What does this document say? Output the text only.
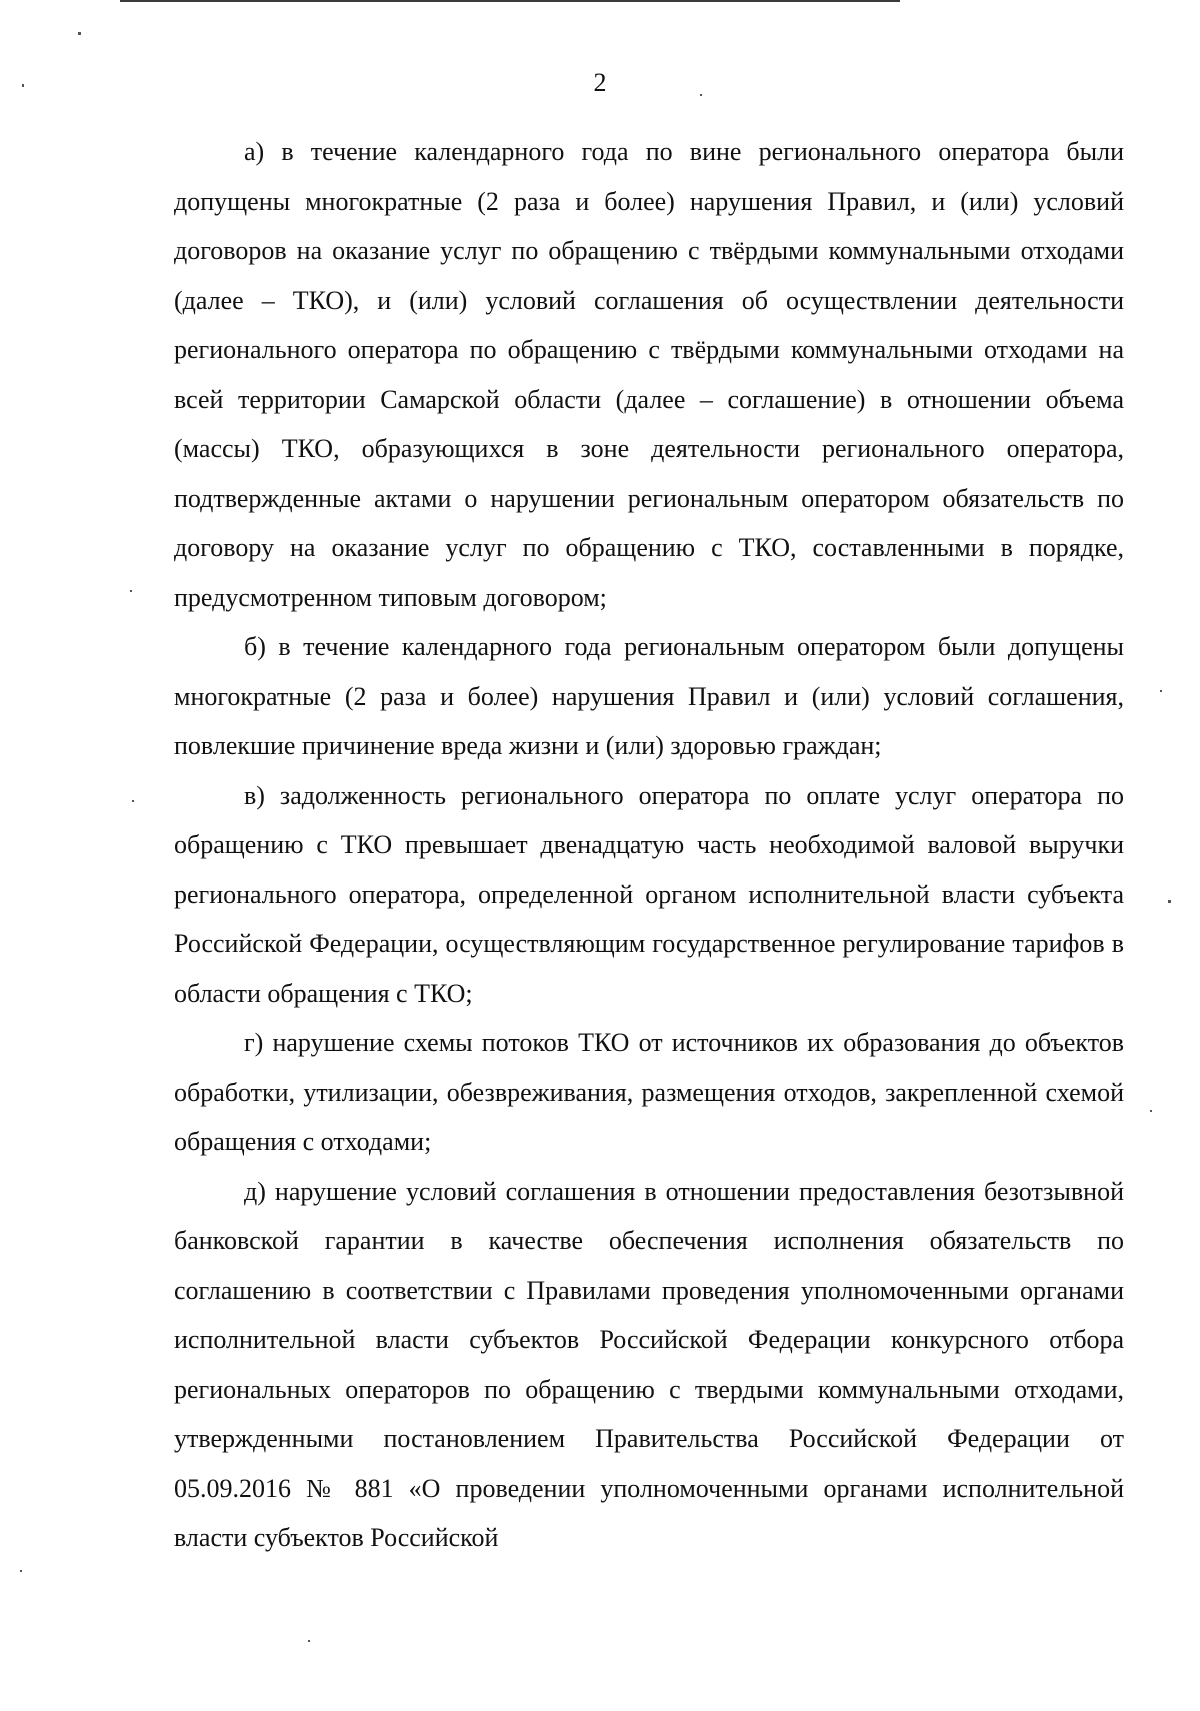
2

а) в течение календарного года по вине регионального оператора были допущены многократные (2 раза и более) нарушения Правил, и (или) условий договоров на оказание услуг по обращению с твёрдыми коммунальными отходами (далее – ТКО), и (или) условий соглашения об осуществлении деятельности регионального оператора по обращению с твёрдыми коммунальными отходами на всей территории Самарской области (далее – соглашение) в отношении объема (массы) ТКО, образующихся в зоне деятельности регионального оператора, подтвержденные актами о нарушении региональным оператором обязательств по договору на оказание услуг по обращению с ТКО, составленными в порядке, предусмотренном типовым договором;

б) в течение календарного года региональным оператором были допущены многократные (2 раза и более) нарушения Правил и (или) условий соглашения, повлекшие причинение вреда жизни и (или) здоровью граждан;

в) задолженность регионального оператора по оплате услуг оператора по обращению с ТКО превышает двенадцатую часть необходимой валовой выручки регионального оператора, определенной органом исполнительной власти субъекта Российской Федерации, осуществляющим государственное регулирование тарифов в области обращения с ТКО;

г) нарушение схемы потоков ТКО от источников их образования до объектов обработки, утилизации, обезвреживания, размещения отходов, закрепленной схемой обращения с отходами;

д) нарушение условий соглашения в отношении предоставления безотзывной банковской гарантии в качестве обеспечения исполнения обязательств по соглашению в соответствии с Правилами проведения уполномоченными органами исполнительной власти субъектов Российской Федерации конкурсного отбора региональных операторов по обращению с твердыми коммунальными отходами, утвержденными постановлением Правительства Российской Федерации от 05.09.2016 № 881 «О проведении уполномоченными органами исполнительной власти субъектов Российской
